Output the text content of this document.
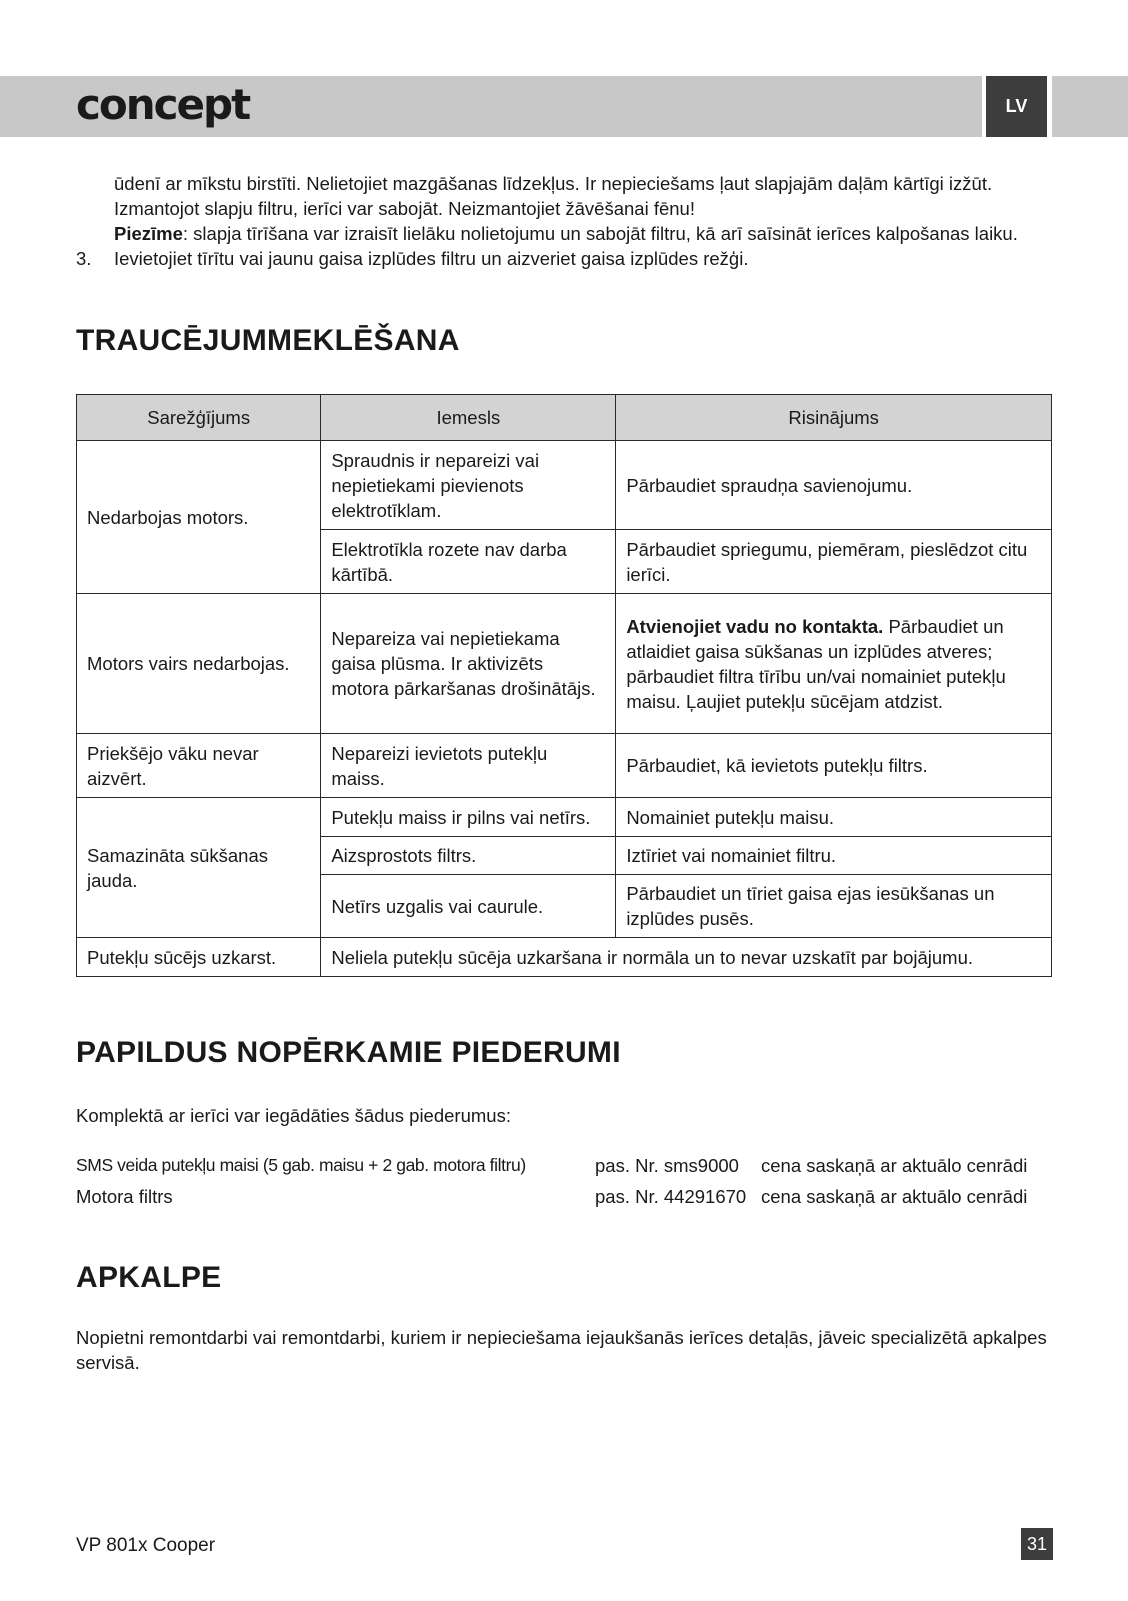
concept	LV

ūdenī ar mīkstu birstīti. Nelietojiet mazgāšanas līdzekļus. Ir nepieciešams ļaut slapjajām daļām kārtīgi izžūt. Izmantojot slapju filtru, ierīci var sabojāt. Neizmantojiet žāvēšanai fēnu!

Piezīme: slapja tīrīšana var izraisīt lielāku nolietojumu un sabojāt filtru, kā arī saīsināt ierīces kalpošanas laiku.

3.	Ievietojiet tīrītu vai jaunu gaisa izplūdes filtru un aizveriet gaisa izplūdes režģi.

TRAUCĒJUMMEKLĒŠANA
Sarežģījums	Iemesls	Risinājums
Nedarbojas motors.	Spraudnis ir nepareizi vai nepietiekami pievienots elektrotīklam.	Pārbaudiet spraudņa savienojumu.
	Elektrotīkla rozete nav darba kārtībā.	Pārbaudiet spriegumu, piemēram, pieslēdzot citu ierīci.
Motors vairs nedarbojas.	Nepareiza vai nepietiekama gaisa plūsma. Ir aktivizēts motora pārkaršanas drošinātājs.	Atvienojiet vadu no kontakta. Pārbaudiet un atlaidiet gaisa sūkšanas un izplūdes atveres; pārbaudiet filtra tīrību un/vai nomainiet putekļu maisu. Ļaujiet putekļu sūcējam atdzist.
Priekšējo vāku nevar aizvērt.	Nepareizi ievietots putekļu maiss.	Pārbaudiet, kā ievietots putekļu filtrs.
Samazināta sūkšanas jauda.	Putekļu maiss ir pilns vai netīrs.	Nomainiet putekļu maisu.
	Aizsprostots filtrs.	Iztīriet vai nomainiet filtru.
	Netīrs uzgalis vai caurule.	Pārbaudiet un tīriet gaisa ejas iesūkšanas un izplūdes pusēs.
Putekļu sūcējs uzkarst.	Neliela putekļu sūcēja uzkaršana ir normāla un to nevar uzskatīt par bojājumu.	
PAPILDUS NOPĒRKAMIE PIEDERUMI
Komplektā ar ierīci var iegādāties šādus piederumus:
SMS veida putekļu maisi (5 gab. maisu + 2 gab. motora filtru)	pas. Nr. sms9000 cena saskaņā ar aktuālo cenrādi
Motora filtrs	pas. Nr. 44291670 cena saskaņā ar aktuālo cenrādi
APKALPE
Nopietni remontdarbi vai remontdarbi, kuriem ir nepieciešama iejaukšanās ierīces detaļās, jāveic specializētā apkalpes servisā.
VP 801x Cooper	31
